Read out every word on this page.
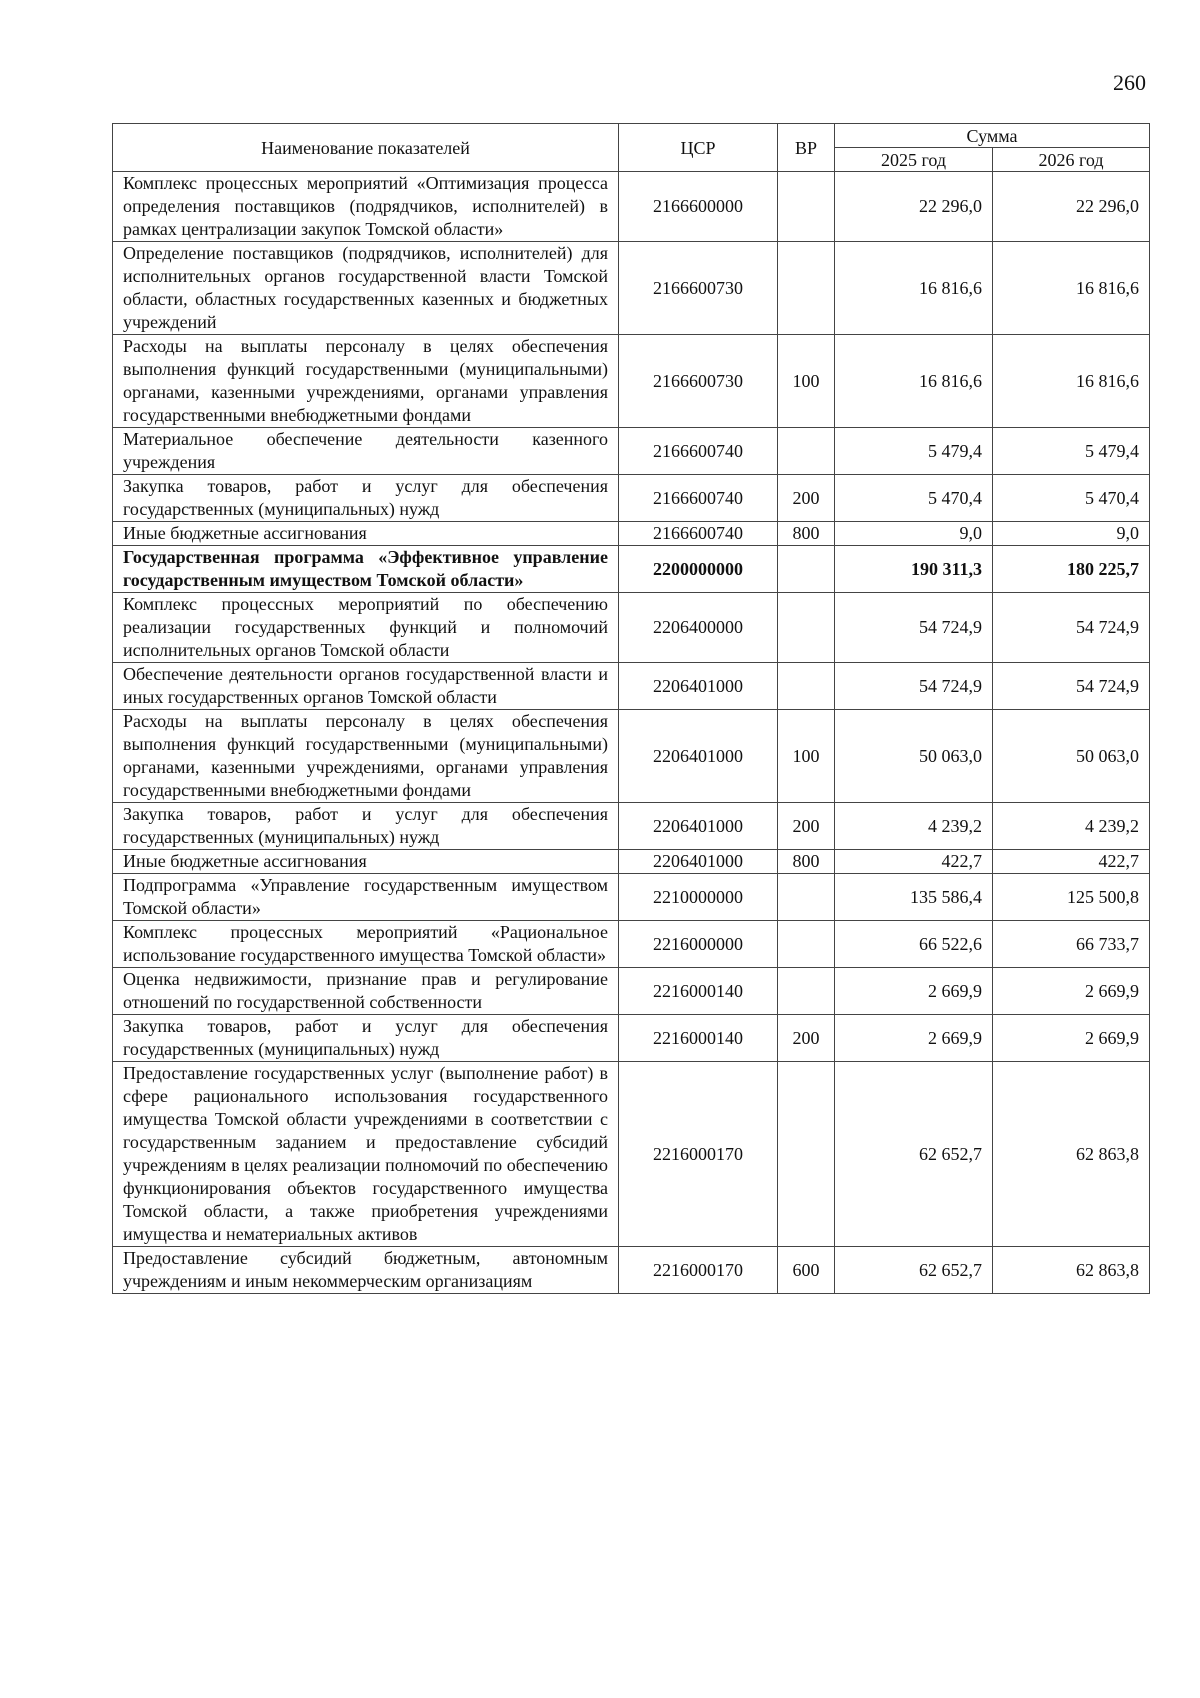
260
Наименование показателей	ЦСР	ВР	Сумма	
			2025 год	2026 год
Комплекс процессных мероприятий «Оптимизация процесса определения поставщиков (подрядчиков, исполнителей) в рамках централизации закупок Томской области»	2166600000		22 296,0	22 296,0
Определение поставщиков (подрядчиков, исполнителей) для исполнительных органов государственной власти Томской области, областных государственных казенных и бюджетных учреждений	2166600730		16 816,6	16 816,6
Расходы на выплаты персоналу в целях обеспечения выполнения функций государственными (муниципальными) органами, казенными учреждениями, органами управления государственными внебюджетными фондами	2166600730	100	16 816,6	16 816,6
Материальное обеспечение деятельности казенного учреждения	2166600740		5 479,4	5 479,4
Закупка товаров, работ и услуг для обеспечения государственных (муниципальных) нужд	2166600740	200	5 470,4	5 470,4
Иные бюджетные ассигнования	2166600740	800	9,0	9,0
Государственная программа «Эффективное управление государственным имуществом Томской области»	2200000000		190 311,3	180 225,7
Комплекс процессных мероприятий по обеспечению реализации государственных функций и полномочий исполнительных органов Томской области	2206400000		54 724,9	54 724,9
Обеспечение деятельности органов государственной власти и иных государственных органов Томской области	2206401000		54 724,9	54 724,9
Расходы на выплаты персоналу в целях обеспечения выполнения функций государственными (муниципальными) органами, казенными учреждениями, органами управления государственными внебюджетными фондами	2206401000	100	50 063,0	50 063,0
Закупка товаров, работ и услуг для обеспечения государственных (муниципальных) нужд	2206401000	200	4 239,2	4 239,2
Иные бюджетные ассигнования	2206401000	800	422,7	422,7
Подпрограмма «Управление государственным имуществом Томской области»	2210000000		135 586,4	125 500,8
Комплекс процессных мероприятий «Рациональное использование государственного имущества Томской области»	2216000000		66 522,6	66 733,7
Оценка недвижимости, признание прав и регулирование отношений по государственной собственности	2216000140		2 669,9	2 669,9
Закупка товаров, работ и услуг для обеспечения государственных (муниципальных) нужд	2216000140	200	2 669,9	2 669,9
Предоставление государственных услуг (выполнение работ) в сфере рационального использования государственного имущества Томской области учреждениями в соответствии с государственным заданием и предоставление субсидий учреждениям в целях реализации полномочий по обеспечению функционирования объектов государственного имущества Томской области, а также приобретения учреждениями имущества и нематериальных активов	2216000170		62 652,7	62 863,8
Предоставление субсидий бюджетным, автономным учреждениям и иным некоммерческим организациям	2216000170	600	62 652,7	62 863,8
